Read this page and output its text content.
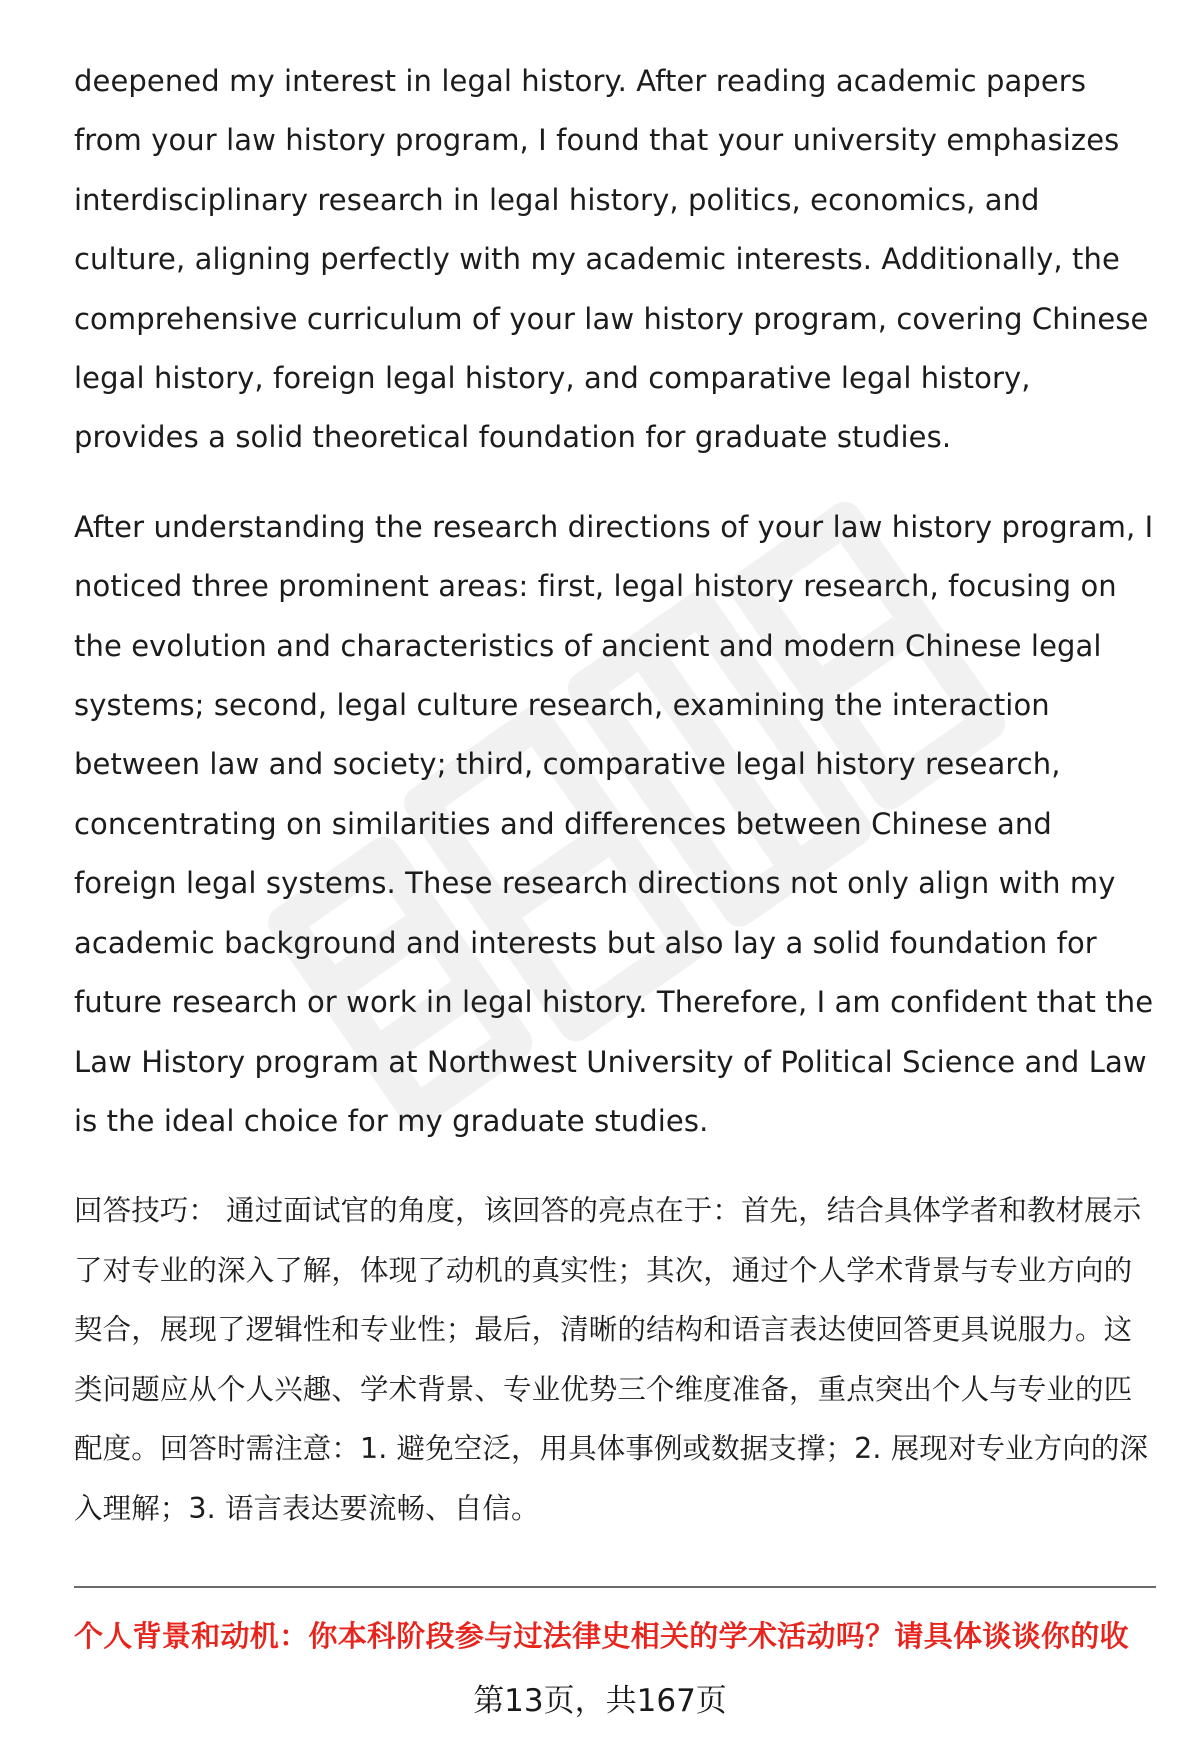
deepened my interest in legal history. After reading academic papers from your law history program, I found that your university emphasizes interdisciplinary research in legal history, politics, economics, and culture, aligning perfectly with my academic interests. Additionally, the comprehensive curriculum of your law history program, covering Chinese legal history, foreign legal history, and comparative legal history, provides a solid theoretical foundation for graduate studies.

After understanding the research directions of your law history program, I noticed three prominent areas: first, legal history research, focusing on the evolution and characteristics of ancient and modern Chinese legal systems; second, legal culture research, examining the interaction between law and society; third, comparative legal history research, concentrating on similarities and differences between Chinese and foreign legal systems. These research directions not only align with my academic background and interests but also lay a solid foundation for future research or work in legal history. Therefore, I am confident that the Law History program at Northwest University of Political Science and Law is the ideal choice for my graduate studies.

回答技巧： 通过面试官的角度，该回答的亮点在于：首先，结合具体学者和教材展示了对专业的深入了解，体现了动机的真实性；其次，通过个人学术背景与专业方向的契合，展现了逻辑性和专业性；最后，清晰的结构和语言表达使回答更具说服力。这类问题应从个人兴趣、学术背景、专业优势三个维度准备，重点突出个人与专业的匹配度。回答时需注意：1. 避免空泛，用具体事例或数据支撑；2. 展现对专业方向的深入理解；3. 语言表达要流畅、自信。

个人背景和动机：你本科阶段参与过法律史相关的学术活动吗？请具体谈谈你的收
第13页，共167页
